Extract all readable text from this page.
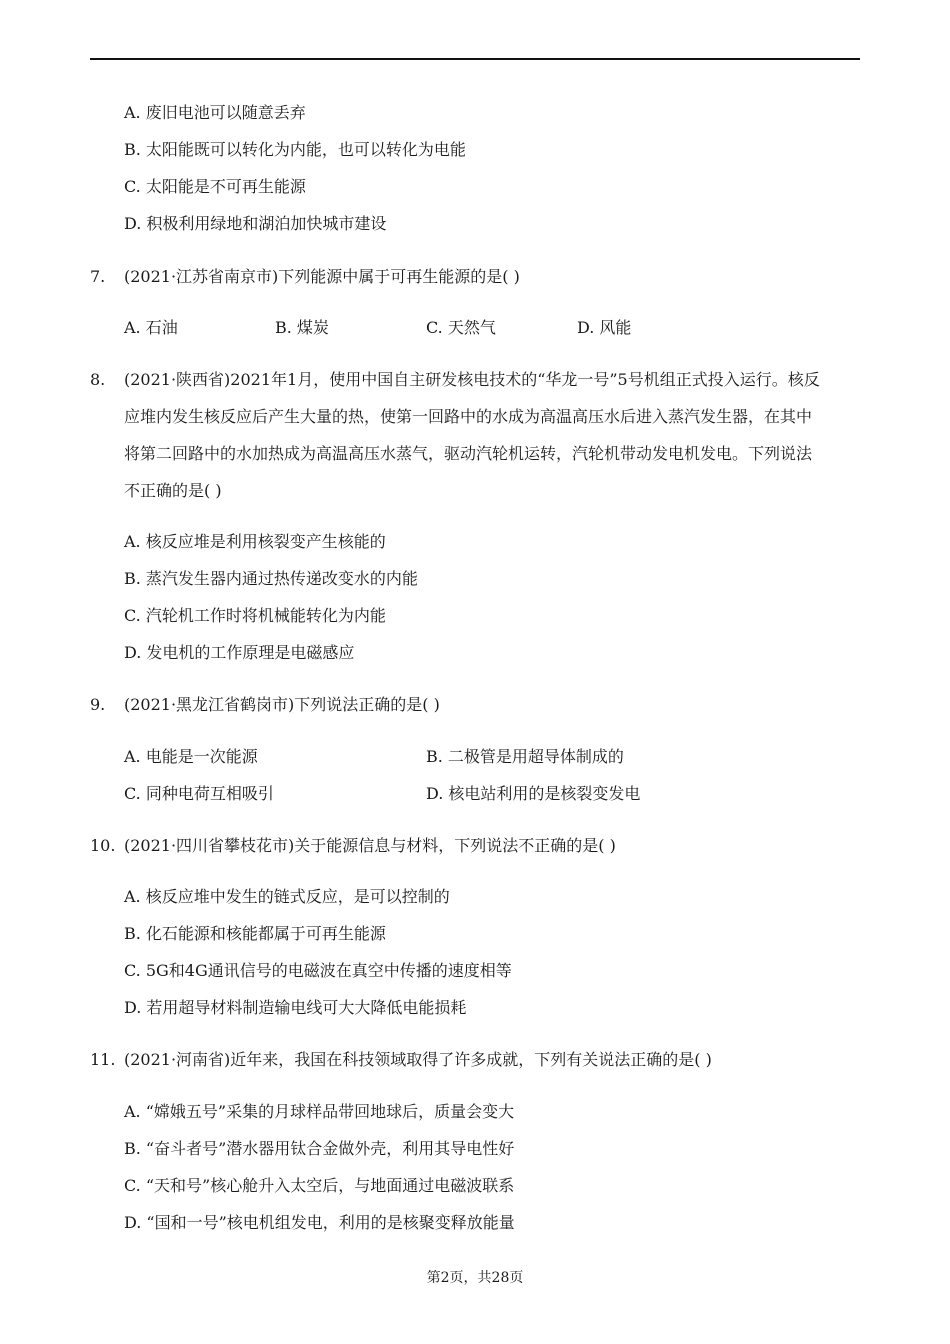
A. 废旧电池可以随意丢弃
B. 太阳能既可以转化为内能，也可以转化为电能
C. 太阳能是不可再生能源
D. 积极利用绿地和湖泊加快城市建设
7. (2021·江苏省南京市)下列能源中属于可再生能源的是( )
A. 石油	B. 煤炭	C. 天然气	D. 风能
8. (2021·陕西省)2021年1月，使用中国自主研发核电技术的“华龙一号”5号机组正式投入运行。核反
应堆内发生核反应后产生大量的热，使第一回路中的水成为高温高压水后进入蒸汽发生器，在其中
将第二回路中的水加热成为高温高压水蒸气，驱动汽轮机运转，汽轮机带动发电机发电。下列说法
不正确的是( )
A. 核反应堆是利用核裂变产生核能的
B. 蒸汽发生器内通过热传递改变水的内能
C. 汽轮机工作时将机械能转化为内能
D. 发电机的工作原理是电磁感应
9. (2021·黑龙江省鹤岗市)下列说法正确的是( )
A. 电能是一次能源	B. 二极管是用超导体制成的
C. 同种电荷互相吸引	D. 核电站利用的是核裂变发电
10. (2021·四川省攀枝花市)关于能源信息与材料，下列说法不正确的是( )
A. 核反应堆中发生的链式反应，是可以控制的
B. 化石能源和核能都属于可再生能源
C. 5G和4G通讯信号的电磁波在真空中传播的速度相等
D. 若用超导材料制造输电线可大大降低电能损耗
11. (2021·河南省)近年来，我国在科技领域取得了许多成就，下列有关说法正确的是( )
A. “嫦娥五号”采集的月球样品带回地球后，质量会变大
B. “奋斗者号”潜水器用钛合金做外壳，利用其导电性好
C. “天和号”核心舱升入太空后，与地面通过电磁波联系
D. “国和一号”核电机组发电，利用的是核聚变释放能量
第2页，共28页
